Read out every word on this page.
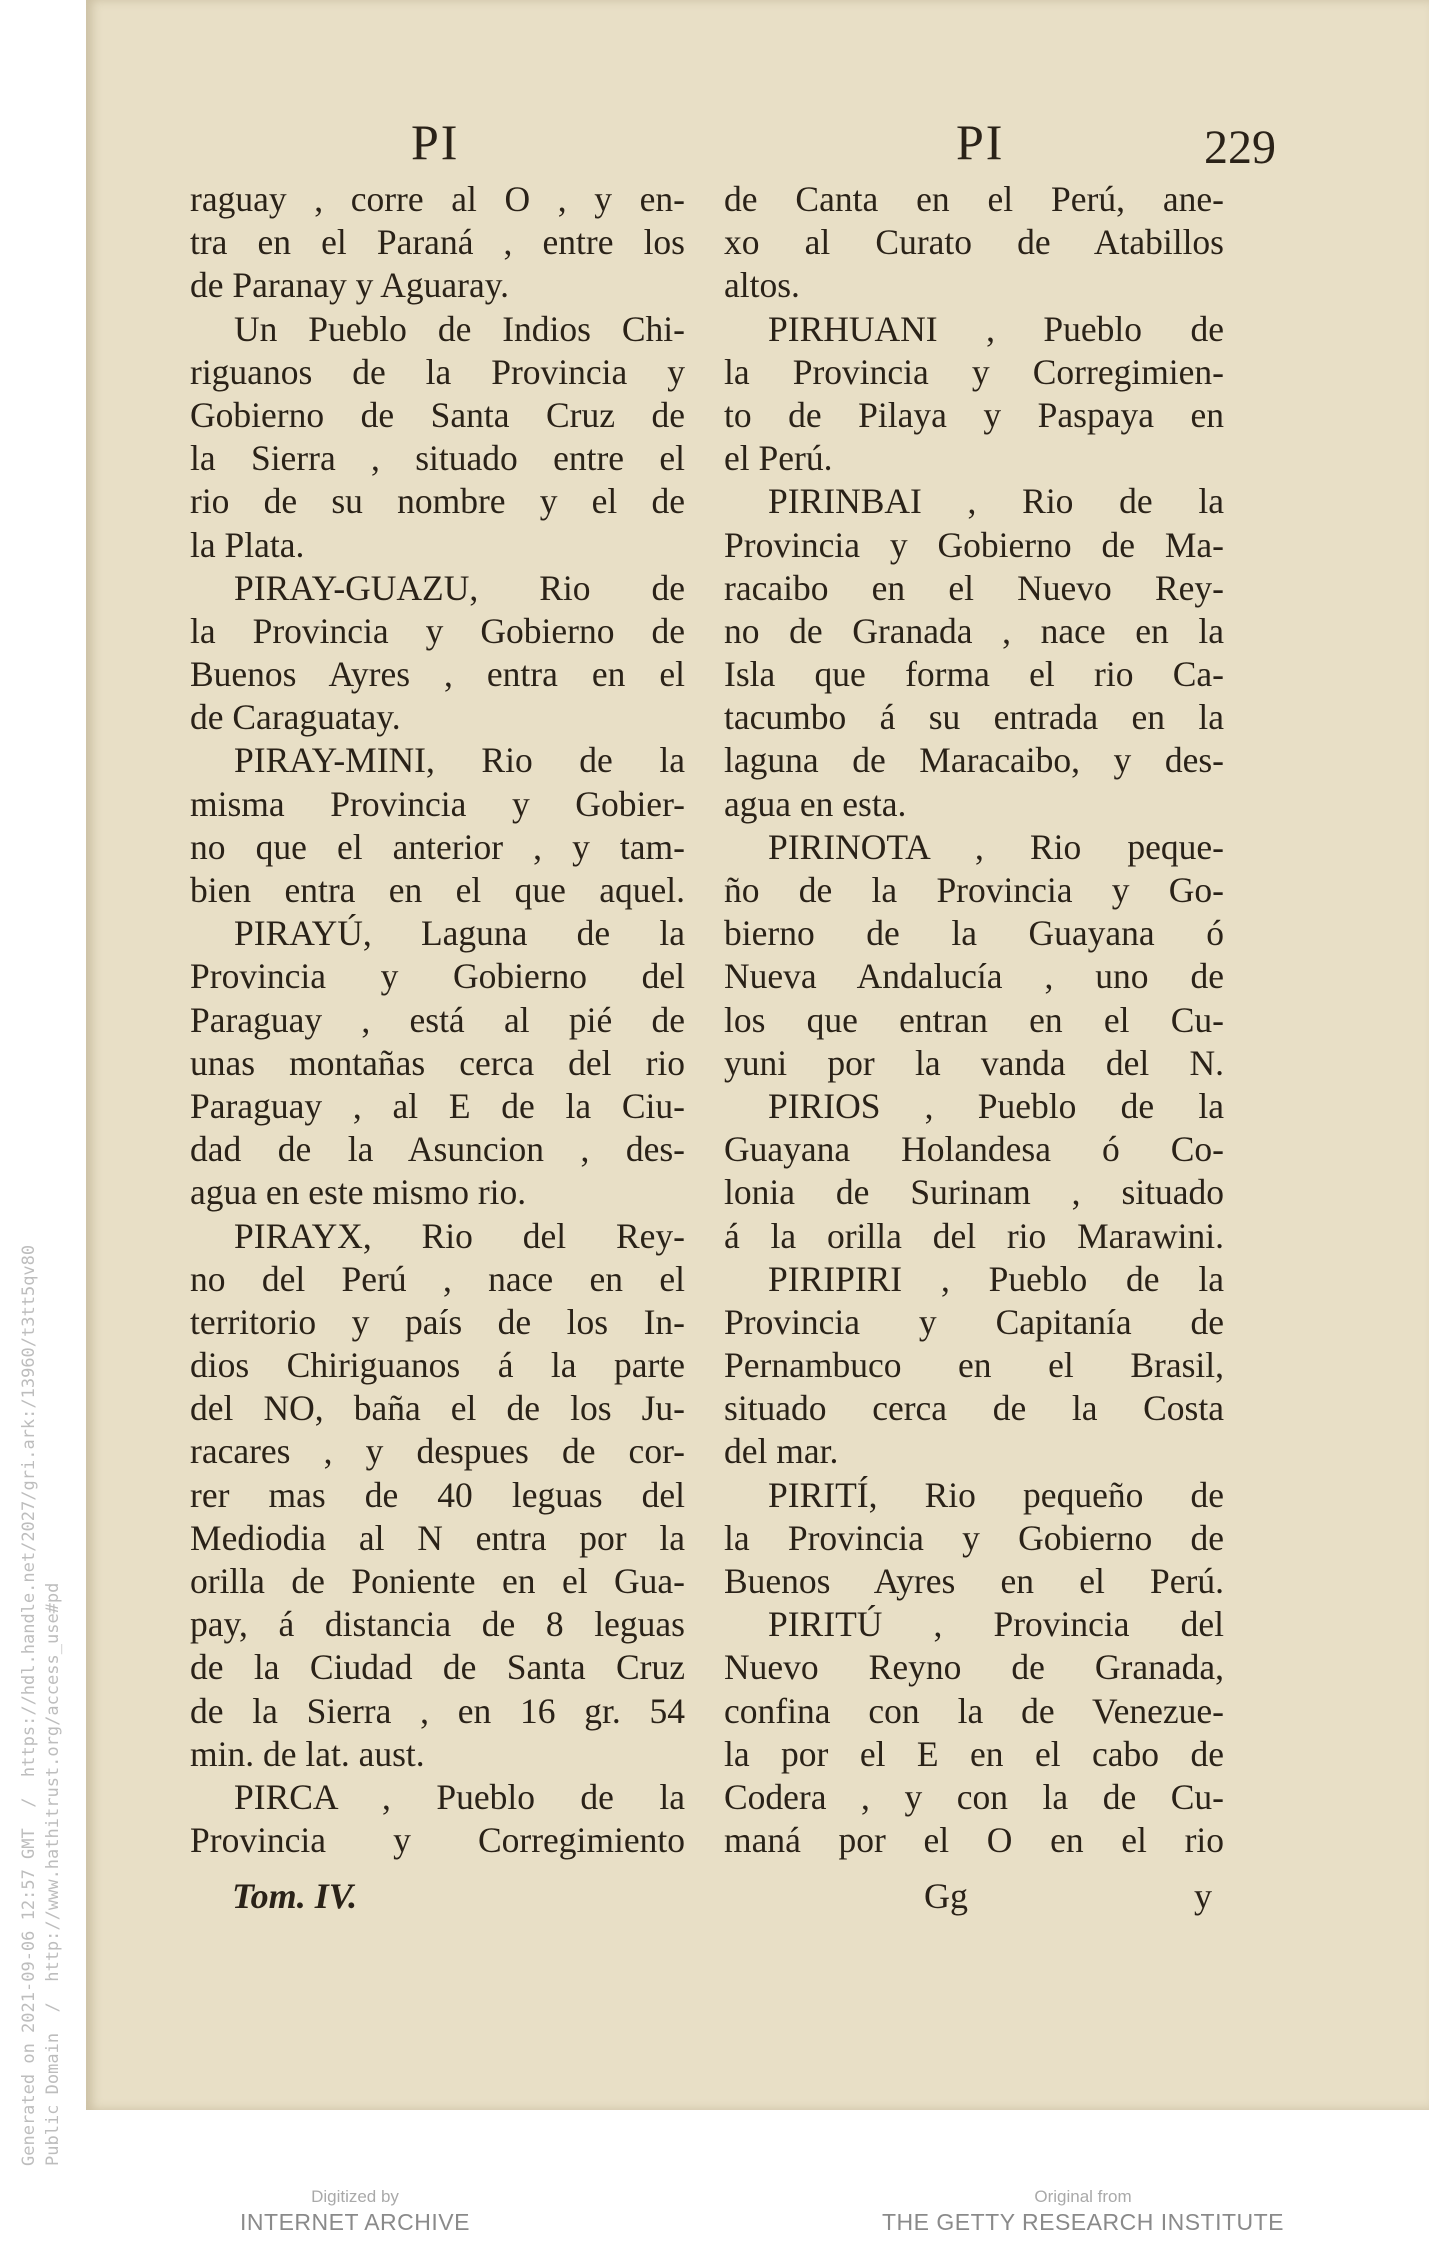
Generated on 2021-09-06 12:57 GMT  /  https://hdl.handle.net/2027/gri.ark:/13960/t3tt5qv80
Public Domain  /  http://www.hathitrust.org/access_use#pd
PI	PI	229
raguay , corre al O , y en-
tra en el Paraná , entre los
de Paranay y Aguaray.
Un Pueblo de Indios Chi-
riguanos de la Provincia y
Gobierno de Santa Cruz de
la Sierra , situado entre el
rio de su nombre y el de
la Plata.
PIRAY-GUAZU, Rio de
la Provincia y Gobierno de
Buenos Ayres , entra en el
de Caraguatay.
PIRAY-MINI, Rio de la
misma Provincia y Gobier-
no que el anterior , y tam-
bien entra en el que aquel.
PIRAYÚ, Laguna de la
Provincia y Gobierno del
Paraguay , está al pié de
unas montañas cerca del rio
Paraguay , al E de la Ciu-
dad de la Asuncion , des-
agua en este mismo rio.
PIRAYX, Rio del Rey-
no del Perú , nace en el
territorio y país de los In-
dios Chiriguanos á la parte
del NO, baña el de los Ju-
racares , y despues de cor-
rer mas de 40 leguas del
Mediodia al N entra por la
orilla de Poniente en el Gua-
pay, á distancia de 8 leguas
de la Ciudad de Santa Cruz
de la Sierra , en 16 gr. 54
min. de lat. aust.
PIRCA , Pueblo de la
Provincia y Corregimiento
de Canta en el Perú, ane-
xo al Curato de Atabillos
altos.
PIRHUANI , Pueblo de
la Provincia y Corregimien-
to de Pilaya y Paspaya en
el Perú.
PIRINBAI , Rio de la
Provincia y Gobierno de Ma-
racaibo en el Nuevo Rey-
no de Granada , nace en la
Isla que forma el rio Ca-
tacumbo á su entrada en la
laguna de Maracaibo, y des-
agua en esta.
PIRINOTA , Rio peque-
ño de la Provincia y Go-
bierno de la Guayana ó
Nueva Andalucía , uno de
los que entran en el Cu-
yuni por la vanda del N.
PIRIOS , Pueblo de la
Guayana Holandesa ó Co-
lonia de Surinam , situado
á la orilla del rio Marawini.
PIRIPIRI , Pueblo de la
Provincia y Capitanía de
Pernambuco en el Brasil,
situado cerca de la Costa
del mar.
PIRITÍ, Rio pequeño de
la Provincia y Gobierno de
Buenos Ayres en el Perú.
PIRITÚ , Provincia del
Nuevo Reyno de Granada,
confina con la de Venezue-
la por el E en el cabo de
Codera , y con la de Cu-
maná por el O en el rio
Tom. IV.	Gg	y
Digitized by
INTERNET ARCHIVE
Original from
THE GETTY RESEARCH INSTITUTE
